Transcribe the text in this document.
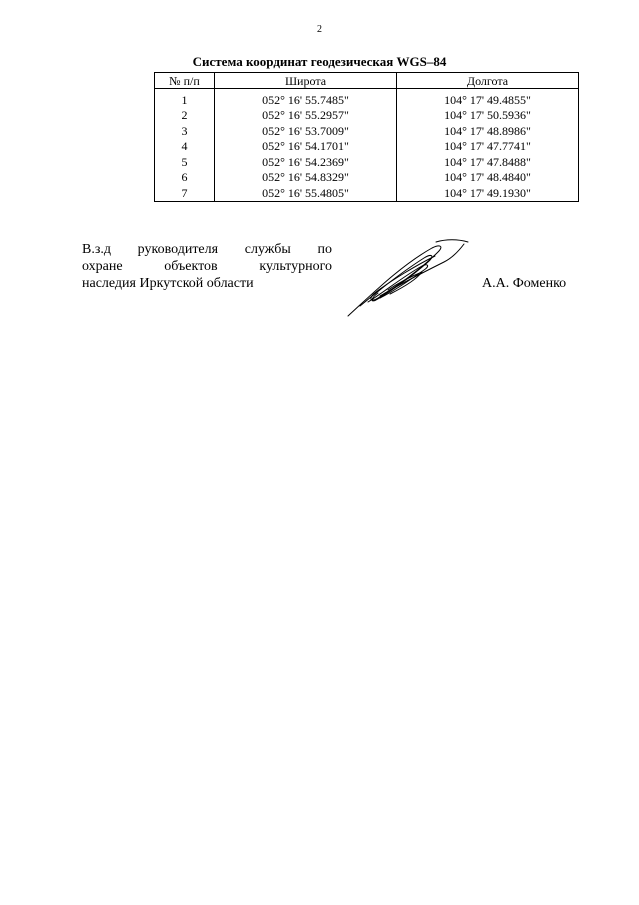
2
Система координат геодезическая WGS–84
№ п/п	Широта	Долгота
1	052° 16' 55.7485"	104° 17' 49.4855"
2	052° 16' 55.2957"	104° 17' 50.5936"
3	052° 16' 53.7009"	104° 17' 48.8986"
4	052° 16' 54.1701"	104° 17' 47.7741"
5	052° 16' 54.2369"	104° 17' 47.8488"
6	052° 16' 54.8329"	104° 17' 48.4840"
7	052° 16' 55.4805"	104° 17' 49.1930"
В.з.д руководителя службы по
охране объектов культурного
наследия Иркутской области	А.А. Фоменко
